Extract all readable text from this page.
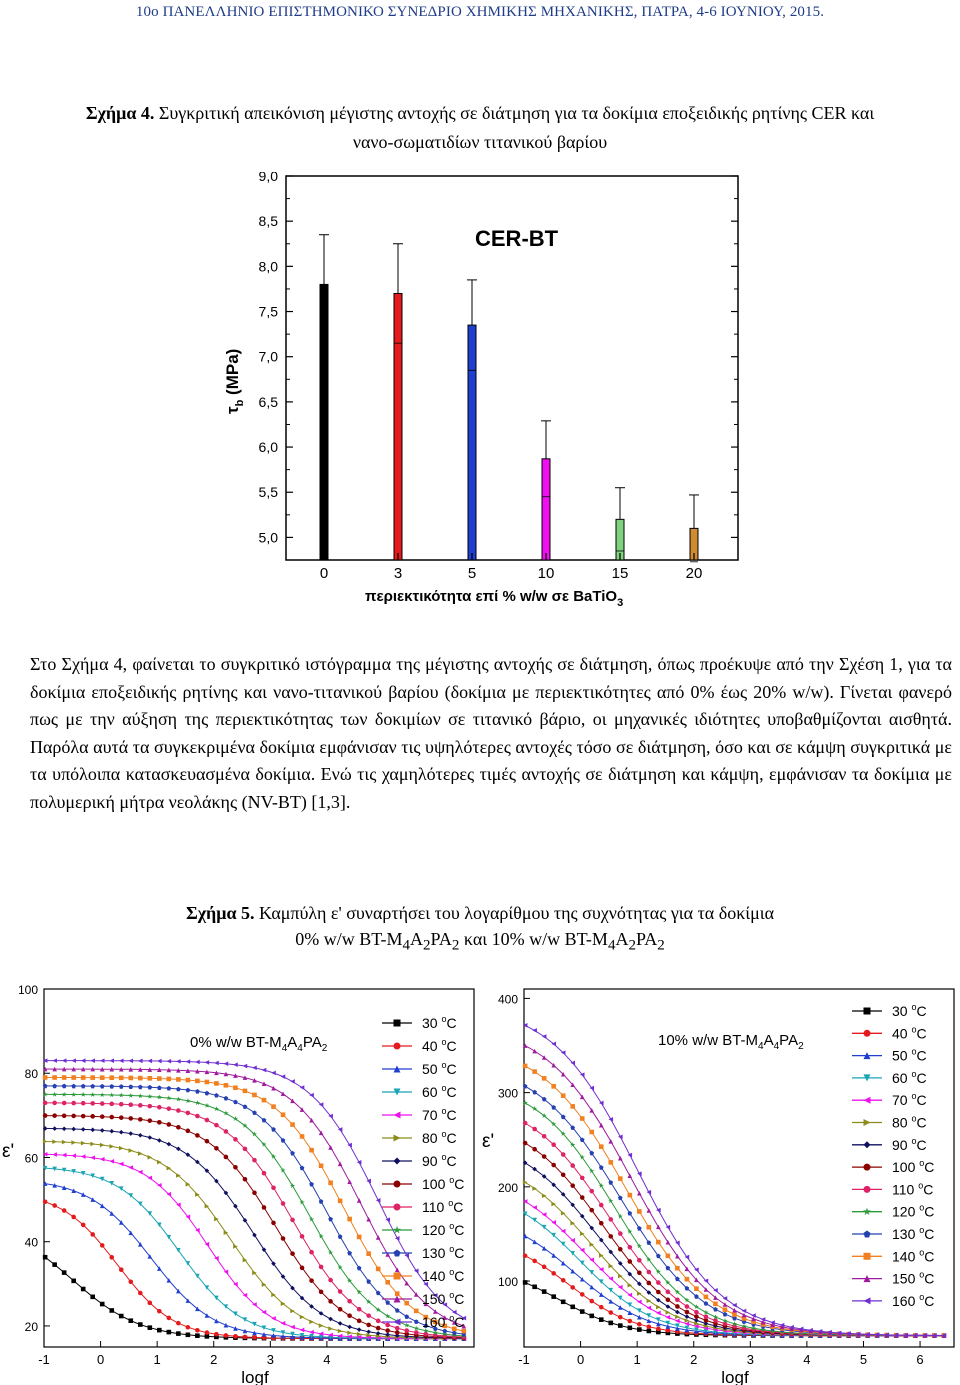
10ο ΠΑΝΕΛΛΗΝΙΟ ΕΠΙΣΤΗΜΟΝΙΚΟ ΣΥΝΕΔΡΙΟ ΧΗΜΙΚΗΣ ΜΗΧΑΝΙΚΗΣ, ΠΑΤΡΑ, 4-6 ΙΟΥΝΙΟΥ, 2015.
Σχήμα 4. Συγκριτική απεικόνιση μέγιστης αντοχής σε διάτμηση για τα δοκίμια εποξειδικής ρητίνης CER και
νανο-σωματιδίων τιτανικού βαρίου
5,0
5,5
6,0
6,5
7,0
7,5
8,0
8,5
9,0
0	3	5	10	15	20
CER-BT
περιεκτικότητα επί % w/w σε BaTiO$_3$
$\tau_b$ (MPa)
Στο Σχήμα 4, φαίνεται το συγκριτικό ιστόγραμμα της μέγιστης αντοχής σε διάτμηση, όπως προέκυψε από την Σχέση 1, για τα δοκίμια εποξειδικής ρητίνης και νανο-τιτανικού βαρίου (δοκίμια με περιεκτικότητες από 0% έως 20% w/w). Γίνεται φανερό πως με την αύξηση της περιεκτικότητας των δοκιμίων σε τιτανικό βάριο, οι μηχανικές ιδιότητες υποβαθμίζονται αισθητά. Παρόλα αυτά τα συγκεκριμένα δοκίμια εμφάνισαν τις υψηλότερες αντοχές τόσο σε διάτμηση, όσο και σε κάμψη συγκριτικά με τα υπόλοιπα κατασκευασμένα δοκίμια. Ενώ τις χαμηλότερες τιμές αντοχής σε διάτμηση και κάμψη, εμφάνισαν τα δοκίμια με πολυμερική μήτρα νεολάκης (NV-BT) [1,3].
Σχήμα 5. Καμπύλη ε' συναρτήσει του λογαρίθμου της συχνότητας για τα δοκίμια
0% w/w $BT-M_4A_2PA_2$ και 10% w/w $BT-M_4A_2PA_2$
20
40
60
80
100
-1	0	1	2	3	4	5	6
logf
ε'
0% w/w $BT-M_4A_4PA_2$
30 $^o$C
40 $^o$C
50 $^o$C
60 $^o$C
70 $^o$C
80 $^o$C
90 $^o$C
100 $^o$C
110 $^o$C
120 $^o$C
130 $^o$C
140 $^o$C
150 $^o$C
160 $^o$C
100
200
300
400
-1	0	1	2	3	4	5	6
logf
ε'
10% w/w $BT-M_4A_4PA_2$
30 $^o$C
40 $^o$C
50 $^o$C
60 $^o$C
70 $^o$C
80 $^o$C
90 $^o$C
100 $^o$C
110 $^o$C
120 $^o$C
130 $^o$C
140 $^o$C
150 $^o$C
160 $^o$C
